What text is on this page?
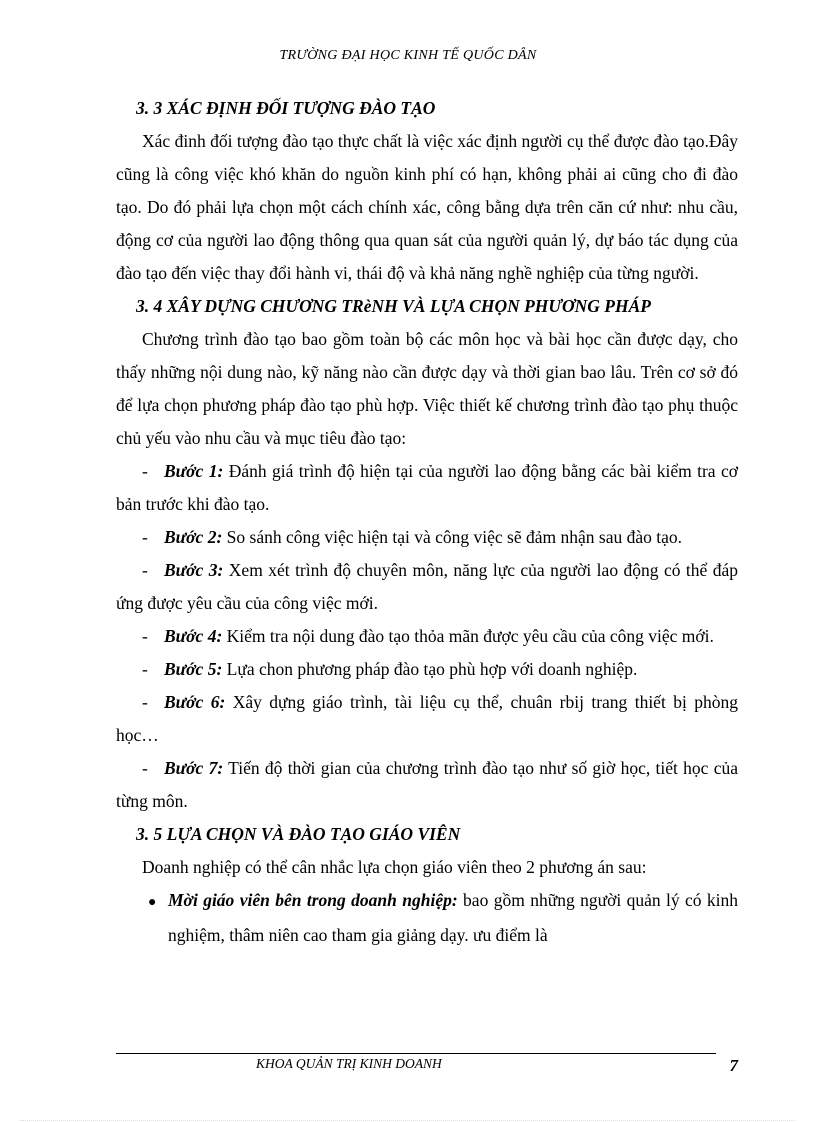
TRƯỜNG ĐẠI HỌC KINH TẾ QUỐC DÂN

3. 3 XÁC ĐỊNH ĐỐI TƯỢNG ĐÀO TẠO

Xác đinh đối tượng đào tạo thực chất là việc xác định người cụ thể được đào tạo.Đây cũng là công việc khó khăn do nguồn kinh phí có hạn, không phải ai cũng cho đi đào tạo. Do đó phải lựa chọn một cách chính xác, công bằng dựa trên căn cứ như: nhu cầu, động cơ của người lao động thông qua quan sát của người quản lý, dự báo tác dụng của đào tạo đến việc thay đổi hành vi, thái độ và khả năng nghề nghiệp của từng người.

3. 4 XÂY DỰNG CHƯƠNG TRèNH VÀ LỰA CHỌN PHƯƠNG PHÁP

Chương trình đào tạo bao gồm toàn bộ các môn học và bài học cần được dạy, cho thấy những nội dung nào, kỹ năng nào cần được dạy và thời gian bao lâu. Trên cơ sở đó để lựa chọn phương pháp đào tạo phù hợp. Việc thiết kế chương trình đào tạo phụ thuộc chủ yếu vào nhu cầu và mục tiêu đào tạo:

- Bước 1: Đánh giá trình độ hiện tại của người lao động bằng các bài kiểm tra cơ bản trước khi đào tạo.

- Bước 2: So sánh công việc hiện tại và công việc sẽ đảm nhận sau đào tạo.

- Bước 3: Xem xét trình độ chuyên môn, năng lực của người lao động có thể đáp ứng được yêu cầu của công việc mới.

- Bước 4: Kiểm tra nội dung đào tạo thỏa mãn được yêu cầu của công việc mới.

- Bước 5: Lựa chon phương pháp đào tạo phù hợp với doanh nghiệp.

- Bước 6: Xây dựng giáo trình, tài liệu cụ thể, chuân rbij trang thiết bị phòng học…

- Bước 7: Tiến độ thời gian của chương trình đào tạo như số giờ học, tiết học của từng môn.

3. 5 LỰA CHỌN VÀ ĐÀO TẠO GIÁO VIÊN

Doanh nghiệp có thể cân nhắc lựa chọn giáo viên theo 2 phương án sau:

● Mời giáo viên bên trong doanh nghiệp: bao gồm những người quản lý có kinh nghiệm, thâm niên cao tham gia giảng dạy. ưu điểm là

KHOA QUẢN TRỊ KINH DOANH	7
